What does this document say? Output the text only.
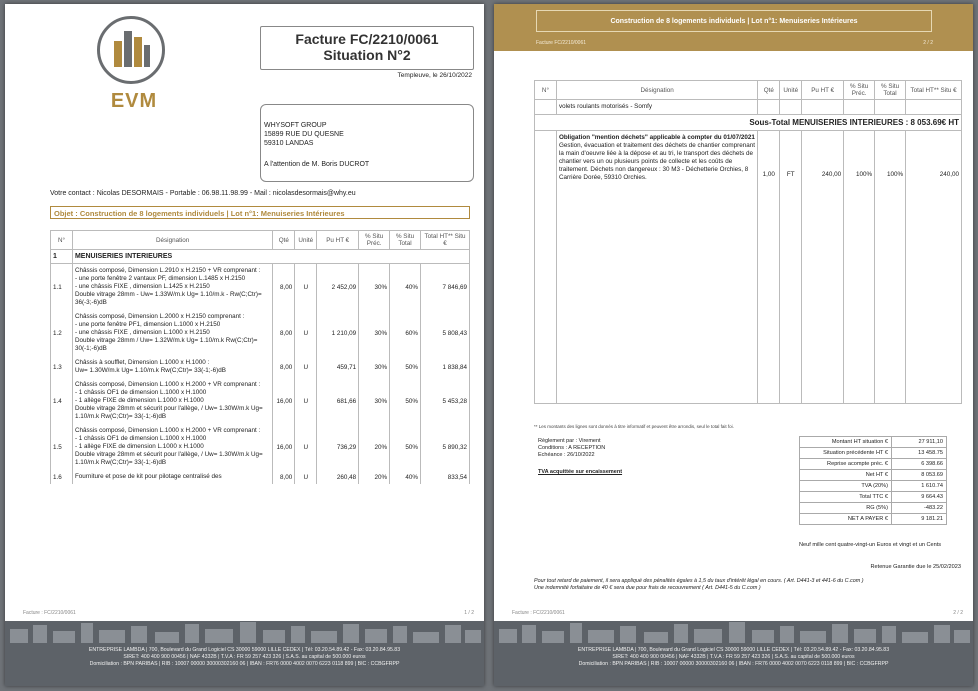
EVM
Facture FC/2210/0061
Situation N°2
Templeuve, le 26/10/2022
WHYSOFT GROUP
15899 RUE DU QUESNE
59310 LANDAS
A l'attention de M. Boris DUCROT
Votre contact : Nicolas DESORMAIS - Portable : 06.98.11.98.99 - Mail : nicolasdesormais@why.eu
Objet : Construction de 8 logements individuels | Lot n°1: Menuiseries Intérieures
N°	Désignation	Qté	Unité	Pu HT €	% Situ Préc.	% Situ Total	Total HT** Situ €
1	MENUISERIES INTERIEURES						
1.1	Châssis composé, Dimension L.2910 x H.2150 + VR comprenant :
- une porte fenêtre 2 vantaux PF, dimension L.1485 x H.2150
- une châssis FIXE , dimension L.1425 x H.2150
Double vitrage 28mm - Uw= 1.33W/m.k Ug= 1.10/m.k - Rw(C;Ctr)= 36(-3;-6)dB	8,00	U	2 452,09	30%	40%	7 846,69
1.2	Châssis composé, Dimension L.2000 x H.2150 comprenant :
- une porte fenêtre PF1, dimension L.1000 x H.2150
- une châssis FIXE , dimension L.1000 x H.2150
Double vitrage 28mm / Uw= 1.32W/m.k Ug= 1.10/m.k Rw(C;Ctr)= 30(-1;-6)dB	8,00	U	1 210,09	30%	60%	5 808,43
1.3	Châssis à soufflet, Dimension L.1000 x H.1000 :
Uw= 1.30W/m.k Ug= 1.10/m.k Rw(C;Ctr)= 33(-1;-6)dB	8,00	U	459,71	30%	50%	1 838,84
1.4	Châssis composé, Dimension L.1000 x H.2000 + VR comprenant :
- 1 châssis OF1 de dimension L.1000 x H.1000
- 1 allège FIXE de dimension L.1000 x H.1000
Double vitrage 28mm et sécurit pour l'allège, / Uw= 1.30W/m.k Ug= 1.10/m.k Rw(C;Ctr)= 33(-1;-6)dB	16,00	U	681,66	30%	50%	5 453,28
1.5	Châssis composé, Dimension L.1000 x H.2000 + VR comprenant :
- 1 châssis OF1 de dimension L.1000 x H.1000
- 1 allège FIXE de dimension L.1000 x H.1000
Double vitrage 28mm et sécurit pour l'allège, / Uw= 1.30W/m.k Ug= 1.10/m.k Rw(C;Ctr)= 33(-1;-6)dB	16,00	U	736,29	20%	50%	5 890,32
1.6	Fourniture et pose de kit pour pilotage centralisé des	8,00	U	260,48	20%	40%	833,54
Facture : FC/2210/0061	1 / 2
ENTREPRISE LAMBDA | 700, Boulevard du Grand Logiciel CS 30000 59000 LILLE CEDEX | Tél: 03.20.54.89.42 - Fax: 03.20.84.95.83
SIRET: 400 400 900 00456 | NAF 4332B | T.V.A : FR 59 257 423 326 | S.A.S. au capital de 500.000 euros
Domiciliation : BPN PARIBAS | RIB : 10007 00000 30000302160 06 | IBAN : FR76 0000 4002 0070 6223 0118 899 | BIC : CCBGFRPP
Construction de 8 logements individuels | Lot n°1: Menuiseries Intérieures
Facture FC/2210/0061	2 / 2
N°	Désignation	Qté	Unité	Pu HT €	% Situ Préc.	% Situ Total	Total HT** Situ €
	volets roulants motorisés - Somfy						
Sous-Total MENUISERIES INTERIEURES : 8 053.69€ HT							

	Obligation "mention déchets" applicable à compter du 01/07/2021
Gestion, évacuation et traitement des déchets de chantier comprenant la main d'oeuvre liée à la dépose et au tri, le transport des déchets de chantier vers un ou plusieurs points de collecte et les coûts de traitement. Déchets non dangereux : 30 M3 - Déchetterie Orchies, 8 Carrière Dorée, 59310 Orchies.	1,00	FT	240,00	100%	100%	240,00

** Les montants des lignes sont donnés à titre informatif et peuvent être arrondis, seul le total fait foi.
Règlement par : Virement
Conditions : A RECEPTION
Echéance : 26/10/2022
TVA acquittée sur encaissement
Montant HT situation €	27 911,10
Situation précédente HT €	13 458.75
Reprise acompte préc. €	6 398.66
Net HT €	8 053.69
TVA (20%)	1 610.74
Total TTC €	9 664.43
RG (5%)	-483.22
NET A PAYER €	9 181.21
Neuf mille cent quatre-vingt-un Euros et vingt et un Cents
Retenue Garantie due le 25/02/2023
Pour tout retard de paiement, il sera appliqué des pénalités égales à 1,5 du taux d'intérêt légal en cours. ( Art. D441-3 et 441-6 du C.com )
Une indemnité forfaitaire de 40 € sera due pour frais de recouvrement ( Art. D441-5 du C.com )
Facture : FC/2210/0061	2 / 2
ENTREPRISE LAMBDA | 700, Boulevard du Grand Logiciel CS 30000 59000 LILLE CEDEX | Tél: 03.20.54.89.42 - Fax: 03.20.84.95.83
SIRET: 400 400 900 00456 | NAF 4332B | T.V.A : FR 59 257 423 326 | S.A.S. au capital de 500.000 euros
Domiciliation : BPN PARIBAS | RIB : 10007 00000 30000302160 06 | IBAN : FR76 0000 4002 0070 6223 0118 899 | BIC : CCBGFRPP
